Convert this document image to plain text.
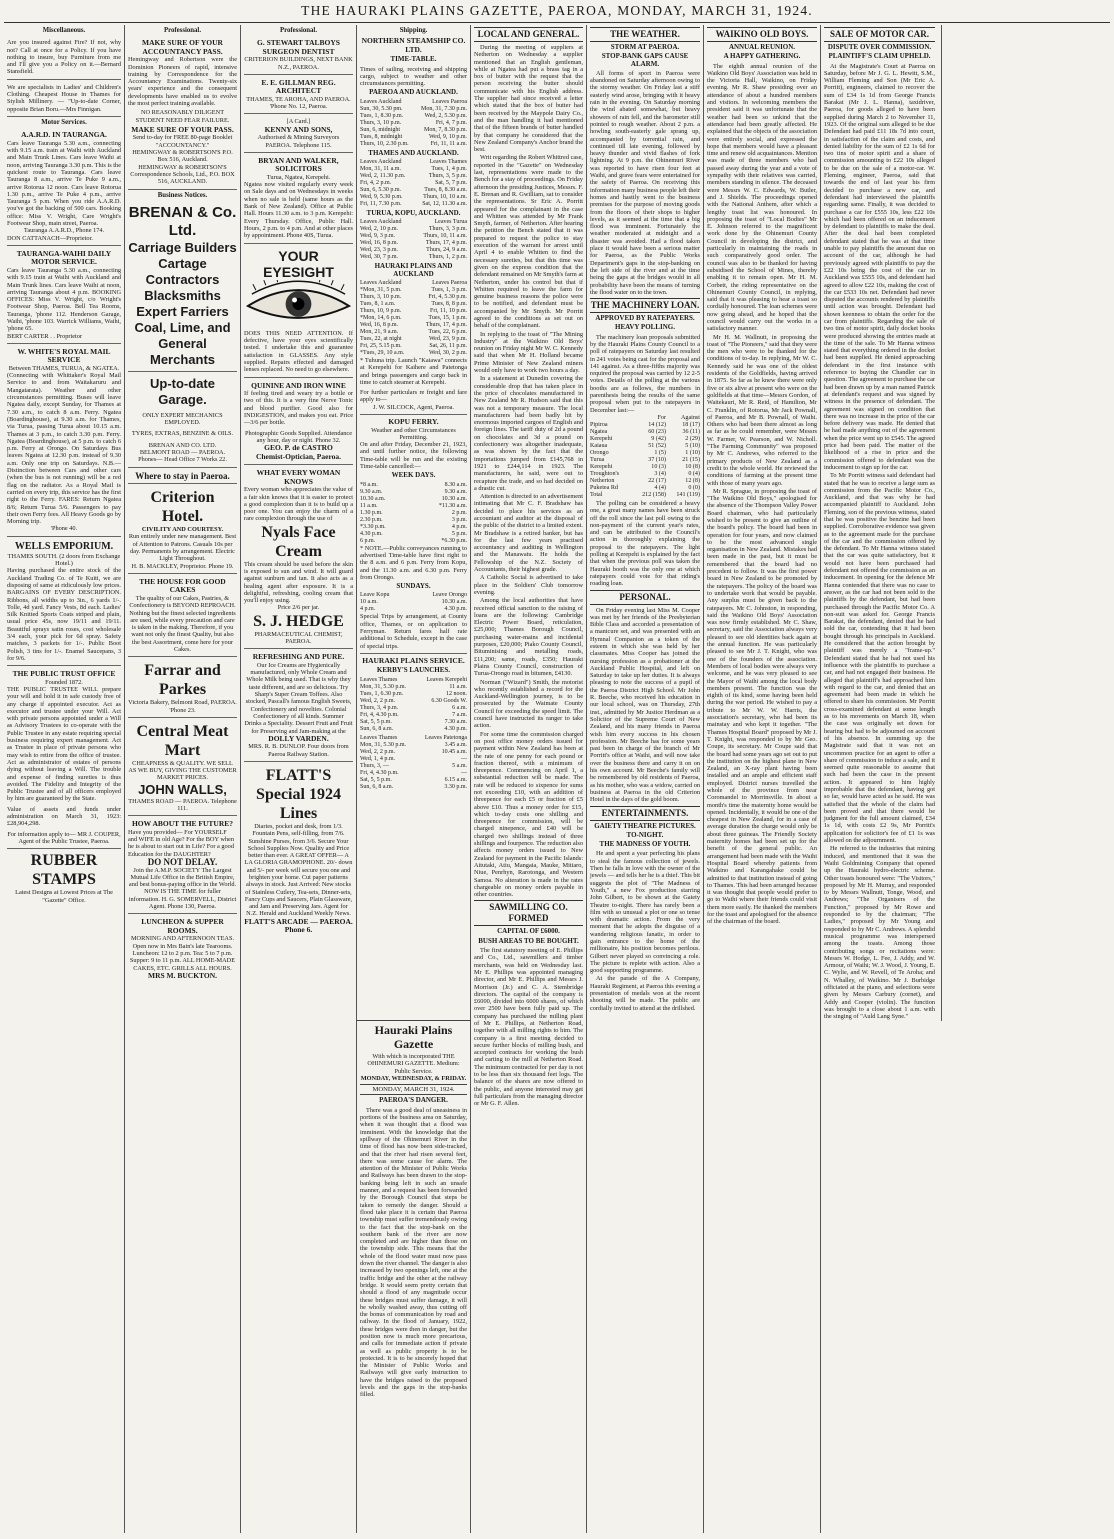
THE HAURAKI PLAINS GAZETTE, PAEROA, MONDAY, MARCH 31, 1924.
Miscellaneous.
Are you insured against Fire? If not, why not? Call at once for a Policy. If you have nothing to insure, buy Furniture from me and I'll give you a Policy on it.—Bernard Stansfield.
We are specialists in Ladies' and Children's Clothing. Cheapest House in Thames for Stylish Millinery. — "Up-to-date Corner, opposite Brian Boru.—Mrs Finnigan.
Motor Services.
A.A.R.D. IN TAURANGA.
Cars leave Tauranga 5.30 a.m., connecting with 9.15 a.m. train at Waihi with Auckland and Main Trunk Lines. Cars leave Waihi at noon, arriving Tauranga 3.30 p.m. This is the quickest route to Tauranga. Cars leave Tauranga 8 a.m., arrive Te Puke 9 a.m., arrive Rotorua 12 noon. Cars leave Rotorua 1.30 p.m., arrive Te Puke 4 p.m., arrive Tauranga 5 p.m. When you ride A.A.R.D. you've got the backing of 500 cars. Booking office: Miss V. Wright, Care Wright's Footwear Shop, main street, Paeroa.
Tauranga A.A.R.D., Phone 174.
DON CATTANACH—Proprietor.
TAURANGA-WAIHI DAILY MOTOR SERVICE.
Cars leave Tauranga 5.30 a.m., connecting with 9.15 train at Waihi with Auckland and Main Trunk lines. Cars leave Waihi at noon, arriving Tauranga about 4 p.m. BOOKING OFFICES: Miss V. Wright, c/o Wright's Footwear Shop, Paeroa. Bell Tea Rooms, Tauranga, 'phone 112. Henderson Garage, Waihi, 'phone 103. Warrick Williams, Waihi, 'phone 65.
BERT CARTER . . Proprietor
W. WHITE'S ROYAL MAIL SERVICE
Between THAMES, TURUA, & NGATEA.
(Connecting with Whittaker's Royal Mail Service to and from Waitakaruru and Mangatarata). Weather and other circumstances permitting. Buses will leave Ngatea daily, except Sunday, for Thames at 7.30 a.m., to catch 8 a.m. Ferry. Ngatea (Boardinghouse), at 9.30 a.m. for Thames, via Turua, passing Turua about 10.15 a.m. Thames at 3 p.m., to catch 3.30 p.m. Ferry. Ngatea (Boardinghouse), at 5 p.m. to catch 6 p.m. Ferry at Orongo. On Saturdays Bus leaves Ngatea at 12.30 p.m. instead of 9.30 a.m. Only one trip on Saturdays. N.B.—Distinction between Cars and other cars (when the bus is not running) will be a red flag on the radiator. As a Royal Mail is carried on every trip, this service has the first right to the Ferry. FARES: Return Ngatea 8/6; Return Turua 5/6. Passengers to pay their own Ferry fees. All Heavy Goods go by Morning trip.
'Phone 40.
WELLS EMPORIUM.
THAMES SOUTH. (2 doors from Exchange Hotel.)
Having purchased the entire stock of the Auckland Trading Co. of Te Kuiti, we are disposing of same at ridiculously low prices. BARGAINS OF EVERY DESCRIPTION. Ribbons, all widths up to 3in., 6 yards 1/-. Tolle, 4d yard. Fancy Vests, 8d each. Ladies' Silk Knitted Sports Coats striped and plain, usual price 45s, now 19/11 and 19/11. Beautiful sprays satin roses, cost wholesale 3/4 each, your pick for 6d spray. Safety matches, 3 packets for 1/-. Public Boot Polish, 3 tins for 1/-. Enamel Saucepans, 3 for 9/6.
THE PUBLIC TRUST OFFICE
Founded 1872.
THE PUBLIC TRUSTEE WILL prepare your will and hold it in safe custody free of any charge if appointed executor. Act as executor and trustee under your Will. Act with private persons appointed under a Will as Advisory Trustees to co-operate with the Public Trustee in any estate requiring special business requiring expert management. Act as Trustee in place of private persons who may wish to retire from the office of trustee. Act as administrator of estates of persons dying without leaving a Will. The trouble and expense of finding sureties is thus avoided. The Fidelity and Integrity of the Public Trustee and of all officers employed by him are guaranteed by the State.
Value of assets and funds under administration on March 31, 1923: £28,904,298.
For information apply to— MR J. COUPER, Agent of the Public Trustee, Paeroa.
RUBBER STAMPS
Latest Designs at Lowest Prices at The "Gazette" Office.
Professional.
MAKE SURE OF YOUR ACCOUNTANCY PASS.
Hemingway and Robertson were the Dominion Pioneers of rapid, intensive training by Correspondence for the Accountancy Examinations. Twenty-six years' experience and the consequent developments have enabled us to evolve the most perfect training available.
NO REASONABLY DILIGENT STUDENT NEED FEAR FAILURE.
MAKE SURE OF YOUR PASS.
Send to-day for FREE 80-page Booklet "ACCOUNTANCY."
HEMINGWAY & ROBERTSON'S P.O. Box 516, Auckland.
HEMINGWAY & ROBERTSON'S Correspondence Schools, Ltd., P.O. BOX 516, AUCKLAND.
Business Notices.
BRENAN & Co. Ltd.
Carriage Builders
Cartage Contractors
Blacksmiths
Expert Farriers
Coal, Lime, and
General Merchants
Up-to-date Garage.
ONLY EXPERT MECHANICS EMPLOYED.
TYRES, EXTRAS, BENZINE & OILS.
BRENAN AND CO. LTD.
BELMONT ROAD — PAEROA.
Phones— Head Office 7 Works 22.
Where to stay in Paeroa.
Criterion Hotel.
CIVILITY AND COURTESY.
Run entirely under new management. Best of Attention to Patrons. Casuals 10s per day. Permanents by arrangement. Electric Light Throughout.
H. B. MACKLEY, Proprietor. Phone 19.
THE HOUSE FOR GOOD CAKES
The quality of our Cakes, Pastries, & Confectionery is BEYOND REPROACH. Nothing but the finest selected ingredients are used, while every precaution and care is taken in the making. Therefore, if you want not only the finest Quality, but also the best Assortment, come here for your Cakes.
Farrar and Parkes
Victoria Bakery, Belmont Road, PAEROA. 'Phone 23.
Central Meat Mart
CHEAPNESS & QUALITY. WE SELL AS WE BUY, GIVING THE CUSTOMER MARKET PRICES.
JOHN WALLS,
THAMES ROAD — PAEROA. Telephone 111.
HOW ABOUT THE FUTURE?
Have you provided— For YOURSELF and WIFE in old Age? For the BOY when he is about to start out in Life? For a good Education for the DAUGHTER?
DO NOT DELAY.
Join the A.M.P. SOCIETY The Largest Mutual Life Office in the British Empire, and best bonus-paying office in the World. NOW IS THE TIME for fuller information. H. G. SOMERVELL, District Agent. Phone 130, Paeroa.
LUNCHEON & SUPPER ROOMS.
MORNING AND AFTERNOON TEAS. Open now in Mrs Bain's late Tearooms. Luncheon: 12 to 2 p.m. Tea: 5 to 7 p.m. Supper: 9 to 11 p.m. ALL HOME-MADE CAKES, ETC. GRILLS ALL HOURS.
MRS M. BUCKTON.
Professional.
G. STEWART TALBOYS SURGEON DENTIST
CRITERION BUILDINGS, NEXT BANK N.Z., PAEROA.
E. E. GILLMAN REG. ARCHITECT
THAMES, TE AROHA, AND PAEROA. 'Phone No. 12, Paeroa.
[A Card.]
KENNY AND SONS,
Authorised & Mining Surveyors PAEROA. Telephone 115.
BRYAN AND WALKER, SOLICITORS
Turua, Ngatea, Kerepehi.
Ngatea now visited regularly every week on Sale days and on Wednesdays in weeks when no sale is held (same hours as the Bank of New Zealand). Office at Public Hall. Hours 11.30 a.m. to 3 p.m. Kerepehi: Every Thursday. Office, Public Hall. Hours, 2 p.m. to 4 p.m. And at other places by appointment. Phone 40S, Turua.
YOUR EYESIGHT
DOES THIS NEED ATTENTION. If defective, have your eyes scientifically tested. I undertake this and guarantee satisfaction in GLASSES. Any style supplied. Repairs effected and damaged lenses replaced. No need to go elsewhere.
QUININE AND IRON WINE
If feeling tired and weary try a bottle or two of this. It is a very fine Nerve Tonic and blood purifier. Good also for INDIGESTION, and makes you eat. Price—3/6 per bottle.
Photographic Goods Supplied. Attendance any hour, day or night. Phone 32.
GEO. P. de CASTRO
Chemist-Optician, Paeroa.
WHAT EVERY WOMAN KNOWS
Every woman who appreciates the value of a fair skin knows that it is easier to protect a good complexion than it is to build up a poor one. You can enjoy the charm of a rare complexion through the use of
Nyals Face Cream
This cream should be used before the skin is exposed to sun and wind. It will guard against sunburn and tan. It also acts as a healing agent after exposure. It is a delightful, refreshing, cooling cream that you'll enjoy using.
Price 2/6 per jar.
S. J. HEDGE
PHARMACEUTICAL CHEMIST, PAEROA.
REFRESHING AND PURE.
Our Ice Creams are Hygienically manufactured, only Whole Cream and Whole Milk being used. That is why they taste different, and are so delicious. Try Sharp's Super Cream Toffees. Also stocked, Pascall's famous English Sweets, Confectionery and novelties. Colonial Confectionery of all kinds. Summer Drinks a Speciality. Dessert Fruit and Fruit for Preserving and Jam-making at the
DOLLY VARDEN.
MRS. R. B. DUNLOP. Four doors from Paeroa Railway Station.
FLATT'S Special 1924 Lines
Diaries, pocket and desk, from 1/3. Fountain Pens, self-filling, from 7/6. Sunshine Purses, from 3/6. Secure Your School Supplies Now. Quality and Price better than ever. A GREAT OFFER— A LA GLORIA GRAMOPHONE. 20/- down and 5/- per week will secure you one and brighten your home. Cut paper patterns always in stock. Just Arrived: New stocks of Stainless Cutlery, Tea-sets, Dinner-sets, Fancy Cups and Saucers, Plain Glassware, and Jam and Preserving Jars. Agent for N.Z. Herald and Auckland Weekly News.
FLATT'S ARCADE — PAEROA. Phone 6.
Shipping.
NORTHERN STEAMSHIP CO. LTD.
TIME-TABLE.
Times of sailing, receiving and shipping cargo, subject to weather and other circumstances permitting.
PAEROA AND AUCKLAND.
Leaves Auckland	Leaves Paeroa
Sun, 30, 5.30 pm.	Mon, 31, 7.30 p.m.
Tues, 1, 8.30 p.m.	Wed, 2, 5.30 p.m.
Thurs, 3, 10 p.m.	Fri, 4, 7 p.m.
Sun, 6, midnight	Mon, 7, 8.30 p.m.
Tues, 8, midnight	Wed, 9, 10 p.m.
Thurs, 10, 2.30 p.m.	Fri, 11, 11 a.m.
THAMES AND AUCKLAND.
Leaves Auckland	Leaves Thames
Mon, 31, 11 a.m.	Tues, 1, 4 p.m.
Wed, 2, 11.30 p.m.	Thurs, 3, 5 p.m.
Fri, 4, 2 p.m.	Sat, 5, 7 p.m.
Sun, 6, 5.30 p.m.	Tues, 8, 8.30 a.m.
Wed, 9, 5.30 p.m.	Thurs, 10, 10 a.m.
Fri, 11, 7.30 p.m.	Sat, 12, 11.30 a.m.
TURUA, KOPU, AUCKLAND.
Leaves Auckland	Leaves Turua
Wed, 2, 10 p.m.	Thurs, 3, 3 p.m.
Wed, 9, 3 p.m.	Thurs, 10, 11 a.m.
Wed, 16, 8 p.m.	Thurs, 17, 4 p.m.
Wed, 23, 3 p.m.	Thurs, 24, 9 a.m.
Wed, 30, 7 p.m.	Thurs, 1, 2 p.m.
HAURAKI PLAINS AND AUCKLAND
Leaves Auckland	Leaves Paeroa
*Mon, 31, 5 p.m.	Tues, 1, 3 p.m.
Thurs, 3, 10 p.m.	Fri, 4, 5.30 p.m.
Tues, 8, 1 a.m.	Tues, 8, 8 p.m.
Thurs, 10, 9 p.m.	Fri, 11, 10 p.m.
*Mon, 14, 6 p.m.	Tues, 15, 1 p.m.
Wed, 16, 8 p.m.	Thurs, 17, 4 p.m.
Mon, 21, 9 a.m.	Tues, 22, 6 p.m.
Tues, 22, at night	Wed, 23, 9 p.m.
Fri, 25, 5.15 p.m.	Sat, 26, 11 p.m.
*Tues, 29, 10 a.m.	Wed, 30, 2 p.m.
* Tuhuna trip. Launch "Kaiawa" connects at Kerepehi for Kaihere and Patetonga and brings passengers and cargo back in time to catch steamer at Kerepehi.
For further particulars re freight and fare apply to—
J. W. SILCOCK, Agent, Paeroa.
KOPU FERRY.
Weather and other Circumstances Permitting.
On and after Friday, December 21, 1923, and until further notice, the following Time-table will be run and the existing Time-table cancelled:—
WEEK DAYS.
*8 a.m.	8.30 a.m.
9.30 a.m.	9.30 a.m.
10.30 a.m.	10.30 a.m.
11 a.m.	*11.30 a.m.
1.30 p.m.	2 p.m.
2.30 p.m.	3 p.m.
*3.30 p.m.	4 p.m.
4.30 p.m.	5 p.m.
6 p.m.	*6.30 p.m.
* NOTE.—Public conveyances running to advertised Time-table have first right to the 8 a.m. and 6 p.m. Ferry from Kopu, and the 11.30 a.m. and 6.30 p.m. Ferry from Orongo.
SUNDAYS.
Leave Kopu	Leave Orongo
10 a.m.	10.30 a.m.
4 p.m.	4.30 p.m.
Special Trips by arrangement, at County office, Thames, or on application to Ferryman. Return fares half rate additional to Schedule, except in the case of special trips.
HAURAKI PLAINS SERVICE.
KERBY'S LAUNCHES.
Leaves Thames	Leaves Kerepehi
Mon, 31, 5.30 p.m.	11 a.m.
Tues, 1, 6.30 p.m.	12 noon.
Wed, 2, 2 p.m.	6.30 Goods W.
Thurs, 3, 4 p.m.	6 a.m.
Fri, 4, 4.30 p.m.	7 a.m.
Sat, 5, 5 p.m.	7.30 a.m.
Sun, 6, 8 a.m.	4.30 p.m.
Leaves Thames	Leaves Patetonga
Mon, 31, 5.30 p.m.	3.45 a.m.
Wed, 2, 2 p.m.	10.45 a.m.
Wed, 1, 4 p.m.	—
Thurs, 3, —	5 a.m.
Fri, 4, 4.30 p.m.	—
Sat, 5, 5 p.m.	6.15 a.m.
Sun, 6, 8 a.m.	3.30 p.m.
LOCAL AND GENERAL.

During the meeting of suppliers at Netherton on Wednesday a supplier mentioned that an English gentleman, while at Ngatea had put a brass tag in a box of butter with the request that the person receiving the butter should communicate with his English address. The supplier had since received a letter which stated that the box of butter had been received by the Maypole Dairy Co., and the man handling it had mentioned that of the fifteen brands of butter handled by that company he considered that the New Zealand Company's Anchor brand the best.

Writ regarding the Robert Whittred case, reported in the "Gazette" on Wednesday last, representations were made to the Bench for a stay of proceedings. On Friday afternoon the presiding Justices, Messrs. F. E. Brenan and R. Gwilliam, sat to consider the representations. Sr Eric A. Porritt appeared for the complainant in the case and Whitten was attended by Mr Frank Smyth, farmer, of Netherton. After hearing the petition the Bench stated that it was prepared to request the police to stay execution of the warrant for arrest until April 4 to enable Whitten to find the necessary sureties, but that this time was given on the express condition that the defendant remained on Mr Smyth's farm at Netherton, under his control but that if Whitten required to leave the farm for genuine business reasons the police were to be notified, and defendant must be accompanied by Mr Smyth. Mr Porritt agreed to the conditions as set out on behalf of the complainant.

In replying to the toast of "The Mining Industry" at the Waikino Old Boys' reunion on Friday night Mr W. C. Kennedy said that when Mr H. Holland became Prime Minister of New Zealand miners would only have to work two hours a day.

In a statement at Dunedin covering the considerable drop that has taken place in the price of chocolates manufactured in New Zealand Mr R. Hudson said that this was not a temporary measure. The local manufacturers had been badly hit by enormous imported cargoes of English and foreign lines. The tariff duty of 2d a pound on chocolates and 3d a pound on confectionery was altogether inadequate, as was shown by the fact that the importations jumped from £145,768 in 1921 to £244,114 in 1923. The manufacturers, he said, were out to recapture the trade, and so had decided on a drastic cut.

Attention is directed to an advertisement intimating that Mr C. F. Bradshaw has decided to place his services as an accountant and auditor at the disposal of the public of the district to a limited extent. Mr Bradshaw is a retired banker, but has for the last few years practised accountancy and auditing in Wellington and the Manawatu. He holds the Fellowship of the N.Z. Society of Accountants, their highest grade.

A Catholic Social is advertised to take place in the Soldiers' Club tomorrow evening.

Among the local authorities that have received official sanction to the raising of loans are the following: Cambridge Electric Power Board, reticulation, £25,000; Thames Borough Council, purchasing water-mains and incidental purposes, £20,000; Piako County Council, Bituminising and metalling roads, £11,200; same, roads, £350; Hauraki Plains County Council, construction of Turua-Orongo road in bitumen, £4130.

Norman ("Wizard") Smith, the motorist who recently established a record for the Auckland-Wellington journey, is to be prosecuted by the Waimate County Council for exceeding the speed limit. The council have instructed its ranger to take action.

For some time the commission charged on post office money orders issued for payment within New Zealand has been at the rate of one penny for each pound or fraction thereof, with a minimum of threepence. Commencing on April 1, a substantial reduction will be made. The rate will be reduced to sixpence for sums not exceeding £10, with an addition of threepence for each £5 or fraction of £5 above £10. Thus a money order for £15, which to-day costs one shilling and threepence for commission, will be charged ninepence, and £40 will be charged two shillings instead of three shillings and fourpence. The reduction also affects money orders issued to New Zealand for payment in the Pacific Islands: Aitutaki, Atiu, Mangaia, Mauke, Mitiaro, Niue, Penrhyn, Rarotonga, and Western Samoa. No alteration is made in the rates chargeable on money orders payable in other countries.

SAWMILLING CO. FORMED
CAPITAL OF £6000.
BUSH AREAS TO BE BOUGHT.

The first statutory meeting of E. Phillips and Co., Ltd., sawmillers and timber merchants, was held on Wednesday last. Mr E. Phillips was appointed managing director, and Mr E. Phillips and Messrs J. Morrison (Jr.) and C. A. Stembridge directors. The capital of the company is £6000, divided into 6000 shares, of which over 2500 have been fully paid up. The company has purchased the milling plant of Mr E. Phillips, at Netherton Road, together with all milling rights to him. The company is a first meeting decided to secure further blocks of milling bush, and accepted contracts for working the bush and carting to the mill at Netherton Road. The minimum contracted for per day is not to be less than six thousand feet logs. The balance of the shares are now offered to the public, and anyone interested may get full particulars from the managing director or Mr G. F. Allen.

Hauraki Plains Gazette
With which is incorporated THE OHINEMURI GAZETTE. Medium: Public Service.
MONDAY, WEDNESDAY, & FRIDAY.
MONDAY, MARCH 31, 1924.
PAEROA'S DANGER.

There was a good deal of uneasiness in portions of the business area on Saturday, when it was thought that a flood was imminent. With the knowledge that the spillway of the Ohinemuri River in the time of flood has now been side-tracked, and that the river had risen several feet, there was some cause for alarm. The attention of the Minister of Public Works and Railways has been drawn to the stop-banking being left in such an unsafe manner, and a request has been forwarded by the Borough Council that steps be taken to remedy the danger. Should a flood take place it is certain that Paeroa township must suffer tremendously owing to the fact that the stop-bank on the southern bank of the river are now completed and are higher than those on the township side. This means that the whole of the flood water must now pass down the river channel. The danger is also increased by two openings left, one at the traffic bridge and the other at the railway bridge. It would seem pretty certain that should a flood of any magnitude occur these bridges must suffer damage, it will be wholly washed away, thus cutting off the bonus of communication by road and railway. In the flood of January, 1922, these bridges were then in danger, but the position now is much more precarious, and calls for immediate action if private as well as public property is to be protected. It is to be sincerely hoped that the Minister of Public Works and Railways will give early instruction to have the bridges raised to the proposed levels and the gaps in the stop-banks filled.

THE WEATHER.
STORM AT PAEROA.
STOP-BANK GAPS CAUSE ALARM.

All forms of sport in Paeroa were abandoned on Saturday afternoon owing to the stormy weather. On Friday last a stiff easterly wind arose, bringing with it heavy rain in the evening. On Saturday morning the wind abated somewhat, but heavy showers of rain fell, and the barometer still pointed to rough weather. About 2 p.m. a howling south-easterly gale sprang up, accompanied by torrential rain, and continued till late evening, followed by heavy thunder and vivid flashes of fork lightning. At 9 p.m. the Ohinemuri River was reported to have risen four feet at Waihi, and grave fears were entertained for the safety of Paeroa. On receiving this information many business people left their homes and hastily went to the business premises for the purpose of moving goods from the floors of their shops to higher levels, as it seemed at the time that a big flood was imminent. Fortunately the weather moderated at midnight and a disaster was avoided. Had a flood taken place it would have been a serious matter for Paeroa, as the Public Works Department's gaps in the stop-banking on the left side of the river and at the time being the gaps at the bridges would in all probability have been the means of turning the flood water on to the town.

THE MACHINERY LOAN.
APPROVED BY RATEPAYERS.
HEAVY POLLING.

The machinery loan proposals submitted by the Hauraki Plains County Council to a poll of ratepayers on Saturday last resulted in 241 votes being cast for the proposal and 141 against. As a three-fifths majority was required the proposal was carried by 12 2-5 votes. Details of the polling at the various booths are as follows, the numbers in parenthesis being the results of the same proposal when put to the ratepayers in December last:—

	For	Against
Pipiroa	14 (12)	18 (17)
Ngatea	60 (23)	36 (11)
Kerepehi	9 (42)	2 (29)
Kaiaua	51 (52)	5 (10)
Orongo	1 (5)	1 (10)
Turua	37 (10)	21 (15)
Kerepehi	10 (3)	10 (8)
Troughton's	3 (4)	0 (4)
Netherton	22 (17)	12 (8)
Puketea Rd	4 (4)	0 (0)
Total	212 (158)	141 (119)

The polling can be considered a heavy one, a great many names have been struck off the roll since the last poll owing to the non-payment of the current year's rates, and can be attributed to the Council's action in thoroughly explaining the proposal to the ratepayers. The light polling at Kerepehi is explained by the fact that when the previous poll was taken the Hauraki booth was the only one at which ratepayers could vote for that riding's roading loan.

PERSONAL.

On Friday evening last Miss M. Cooper was met by her friends of the Presbyterian Bible Class and accorded a presentation of a manicure set, and was presented with an Hymnal Companion as a token of the esteem in which she was held by her classmates. Miss Cooper has joined the nursing profession as a probationer at the Auckland Public Hospital, and left on Saturday to take up her duties. It is always pleasing to note the success of a pupil of the Paeroa District High School. Mr John R. Beeche, who received his education in our local school, was on Thursday, 27th inst., admitted by Mr Justice Herdman as a Solicitor of the Supreme Court of New Zealand, and his many friends in Paeroa wish him every success in his chosen profession. Mr Beeche has for some years past been in charge of the branch of Mr Porritt's office at Waihi, and will now take over the business there and carry it on on his own account. Mr Beeche's family will be remembered by old residents of Paeroa, as his mother, who was a widow, carried on business at Paeroa in the old Criterion Hotel in the days of the gold boom.

ENTERTAINMENTS.
GAIETY THEATRE PICTURES.
TO-NIGHT.
THE MADNESS OF YOUTH.

He and spent a year perfecting his plans to steal the famous collection of jewels. Then he falls in love with the owner of the jewels — and tells her he is a thief. This bit suggests the plot of "The Madness of Youth," a new Fox production starring John Gilbert, to be shown at the Gaiety Theatre to-night. There has rarely been a film with so unusual a plot or one so tense with dramatic action. From the very moment that he adopts the disguise of a wandering religious fanatic, in order to gain entrance to the home of the millionaire, his position becomes perilous. Gilbert never played so convincing a role. The picture is replete with action. Also a good supporting programme.

At the parade of the A Company, Hauraki Regiment, at Paeroa this evening a presentation of medals won at the recent shooting will be made. The public are cordially invited to attend at the drillshed.

WAIKINO OLD BOYS.
ANNUAL REUNION.
A HAPPY GATHERING.

The eighth annual reunion of the Waikino Old Boys' Association was held in the Victoria Hall, Waikino, on Friday evening. Mr R. Shaw presiding over an attendance of about a hundred members and visitors. In welcoming members the president said it was unfortunate that the weather had been so unkind that the attendance had been greatly affected. He explained that the objects of the association were entirely social, and expressed the hope that members would have a pleasant time and renew old acquaintances. Mention was made of three members who had passed away during the year and a vote of sympathy with their relatives was carried, members standing in silence. The deceased were Messrs W. C. Edwards, W. Butler, and J. Shields. The proceedings opened with the National Anthem, after which a lengthy toast list was honoured. In proposing the toast of "Local Bodies" Mr E. Johnson referred to the magnificent work done by the Ohinemuri County Council in developing the district, and particularly in maintaining the roads in such comparatively good order. The council was also to be thanked for having subsidised the School of Mines, thereby enabling it to remain open. Mr H. M. Corbett, the riding representative on the Ohinemuri County Council, in replying, said that it was pleasing to hear a toast so cordially honoured. The loan schemes were now going ahead, and he hoped that the council would carry out the works in a satisfactory manner.

Mr H. M. Wallnutt, in proposing the toast of "The Pioneers," said that they were the men who were to be thanked for the conditions of to-day. In replying, Mr W. C. Kennedy said he was one of the oldest residents of the Goldfields, having arrived in 1875. So far as he knew there were only five or six alive at present who were on the goldfields at that time—Messrs Gordon, of Waitekauri, Mr R. Reid, of Hamilton, Mr C. Franklin, of Rotorua, Mr Jack Pownall, of Paeroa, and Mr B. Pownall, of Waihi. Others who had been there almost as long as far as he could remember, were Messrs W. Farmer, W. Pearson, and W. Nicholl. "The Farming Community" was proposed by Mr C. Andrews, who referred to the primary products of New Zealand as a credit to the whole world. He reviewed the conditions of farming at the present time with those of many years ago.

Mr R. Sprague, in proposing the toast of "The Waikino Old Boys," apologised for the absence of the Thompson Valley Power Board chairman, who had particularly wished to be present to give an outline of the board's policy. The board had been in operation for four years, and now claimed to be the most advanced single organisation in New Zealand. Mistakes had been made in the past, but it must be remembered that the board had no precedent to follow. It was the first power board in New Zealand to be promoted by the ratepayers. The policy of the board was to undertake work that would be payable. Any surplus must be given back to the ratepayers. Mr C. Johnston, in responding, said the Waikino Old Boys' Association was now firmly established. Mr C. Shaw, secretary, said the Association always very pleased to see old identities back again at the annual function. He was particularly pleased to see Mr J. T. Knight, who was one of the founders of the association. Members of local bodies were always very welcome, and he was very pleased to see the Mayor of Waihi among the local body members present. The function was the eighth of its kind, some having been held during the war period. He wished to pay a tribute to Mr W. W. Harris, the association's secretary, who had been its mainstay and who kept it together. "The Thames Hospital Board" proposed by Mr J. T. Knight, was responded to by Mr Geo. Coupe, its secretary. Mr Coupe said that the board had some years ago set out to put the institution on the highest plane in New Zealand, an X-ray plant having been installed and an ample and efficient staff employed. District nurses travelled the whole of the province from near Coromandel to Morrinsville. In about a month's time the maternity home would be opened. Incidentally, it would be one of the cheapest in New Zealand, for in a case of average duration the charge would only be about three guineas. The Friendly Society maternity homes had been set up for the benefit of the general public. An arrangement had been made with the Waihi Hospital Board whereby patients from Waikino and Karangahake could be admitted to that institution instead of going to Thames. This had been arranged because it was thought that people would prefer to go to Waihi where their friends could visit them more easily. He thanked the members for the toast and apologised for the absence of the chairman of the board.

SALE OF MOTOR CAR.
DISPUTE OVER COMMISSION.
PLAINTIFF'S CLAIM UPHELD.

At the Magistrate's Court at Paeroa on Saturday, before Mr J. G. L. Hewitt, S.M., William Fleming and Son (Mr Eric A. Porritt), engineers, claimed to recover the sum of £34 1s 1d from George Francis Barakat (Mr J. L. Hanna), taxidriver, Paeroa, for goods alleged to have been supplied during March 2 to November 11, 1923. Of the original sum alleged to be due Defendant had paid £11 18s 7d into court, in satisfaction of the claim and costs, and denied liability for the sum of £2 1s 6d for two tins of motor spirit and a share of commission amounting to £22 10s alleged to be due on the sale of a motor-car. W. Fleming, engineer, Paeroa, said that towards the end of last year his firm decided to purchase a new car, and defendant had interviewed the plaintiffs regarding same. Finally, it was decided to purchase a car for £555 10s, less £22 10s which had been offered on an inducement by defendant to plaintiffs to make the deal. After the deal had been completed defendant stated that he was at that time unable to pay plaintiffs the amount due on account of the car, although he had previously agreed with plaintiffs to pay the £22 10s being the cost of the car in Auckland was £555 10s, and defendant had agreed to allow £22 10s, making the cost of the car £533 10s net. Defendant had never disputed the accounts rendered by plaintiffs until action was brought. Defendant had shown keenness to obtain the order for the car from plaintiffs. Regarding the sale of two tins of motor spirit, daily docket books were produced showing the entries made at the time of the sale. To Mr Hanna witness stated that everything ordered in the docket had been supplied. He denied approaching defendant in the first instance with reference to buying the Chandler car in question. The agreement to purchase the car had been drawn up by a man named Patrick at defendant's request and was signed by witness in the presence of defendant. The agreement was signed on condition that there was no increase in the price of the car before delivery was made. He denied that he had made anything out of the agreement when the price went up to £545. The agreed price had been paid. The matter of the likelihood of a rise in price and the commission offered to defendant was the inducement to sign up for the car.

To Mr Porritt witness said defendant had stated that he was to receive a large sum as commission from the Pacific Motor Co., Auckland, and that was why he had accompanied plaintiff to Auckland. John Fleming, son of the previous witness, stated that he was positive the benzine had been supplied. Corroborative evidence was given as to the agreement made for the purchase of the car and the commission offered by the defendant. To Mr Hanna witness stated that the car was quite satisfactory, but it would not have been purchased had defendant not offered the commission as an inducement. In opening for the defence Mr Hanna contended that there was no case to answer, as the car had not been sold to the plaintiffs by the defendant, but had been purchased through the Pacific Motor Co. A non-suit was asked for. George Francis Barakat, the defendant, denied that he had sold the car, contending that it had been bought through his principals in Auckland. He considered that the action brought by plaintiff was merely a "frame-up." Defendant stated that he had not used his influence with the plaintiffs to purchase a car, and had not engaged their business. He alleged that plaintiff's had approached him with regard to the car, and denied that an agreement had been made in which he offered to share his commission. Mr Porritt cross-examined defendant at some length as to his movements on March 18, when the case was originally set down for hearing but had to be adjourned on account of his absence. In summing up the Magistrate said that it was not an uncommon practice for an agent to offer a share of commission to induce a sale, and it seemed quite reasonable to assume that such had been the case in the present action. It appeared to him highly improbable that the defendant, having got so far, would have acted as he said. He was satisfied that the whole of the claim had been proved and that there would be judgment for the full amount claimed, £34 1s 1d, with costs £2 9s, Mr Porritt's application for solicitor's fee of £1 1s was allowed on the adjournment.

He referred to the industries that mining induced, and mentioned that it was the Waihi Goldmining Company that opened up the Hauraki hydro-electric scheme. Other toasts honoured were: "The Visitors," proposed by Mr H. Murray, and responded to by Messrs Wallnutt, Tonge, Wood, and Andrews; "The Organisers of the Function," proposed by Mr Rowe and responded to by the chairman; "The Ladies," proposed by Mr Young and responded to by Mr C. Andrews. A splendid musical programme was interspersed among the toasts. Among those contributing songs or recitations were: Messrs W. Hodge, L. Fee, J. Addy, and W. Armour, of Waihi; W. J. Wood, J. Young, E. C. Wylie, and W. Revell, of Te Aroha; and N. Whalley, of Waikino. Mr J. Burbidge officiated at the piano, and selections were given by Messrs Carbury (cornet), and Addy and Cooper (violin). The function was brought to a close about 1 a.m. with the singing of "Auld Lang Syne."
